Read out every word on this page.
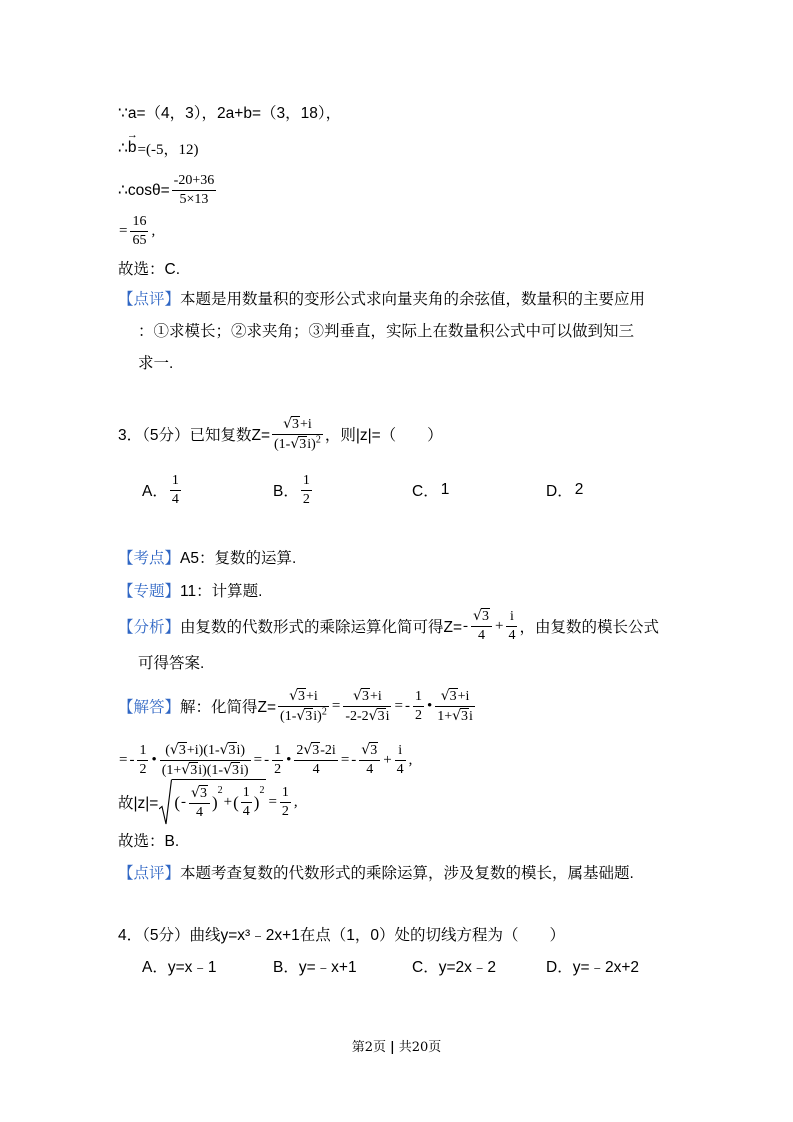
∵a=（4，3），2a+b=（3，18），
∴
→
b =(-5，12)
∴cosθ= $\frac{-20+36}{5\times 13}$
= $\frac{16}{65}$ ,
故选：C.
【点评】 本题是用数量积的变形公式求向量夹角的余弦值，数量积的主要应用
：①求模长；②求夹角；③判垂直，实际上在数量积公式中可以做到知三
求一.
3．（5分）已知复数$Z= \frac{√3+i}{(1-√3i)^2}$ ，则|z|=（　　）
A． $\frac{1}{4}$	B． $\frac{1}{2}$	C． 1	D． 2
【考点】 A5：复数的运算.
【专题】 11：计算题.
【分析】 由复数的代数形式的乘除运算化简可得$Z= - \frac{√3}{4} + \frac{i}{4}$ ，由复数的模长公式
可得答案.
【解答】 解：化简得$Z= \frac{√3+i}{(1-√3i)^2} = \frac{√3+i}{-2-2√3i}$ = - $\frac{1}{2}$ • $\frac{√3+i}{1+√3i}$
= - $\frac{1}{2}$ • $\frac{(√3+i)(1-√3i)}{(1+√3i)(1-√3i)}$ = - $\frac{1}{2}$ • $\frac{2√3-2i}{4}$ = - $\frac{√3}{4} + \frac{i}{4}$ ,
故|z|= ( - $\frac{√3}{4}$ )
2
+ ( $\frac{1}{4}$ )
2
= $\frac{1}{2}$ ,
故选：B.
【点评】 本题考查复数的代数形式的乘除运算，涉及复数的模长，属基础题.
4．（5分）曲线y=x³﹣2x+1在点（1，0）处的切线方程为（　　）
A． y=x﹣1	B． y=﹣x+1	C． y=2x﹣2	D． y=﹣2x+2
第2页 | 共20页
